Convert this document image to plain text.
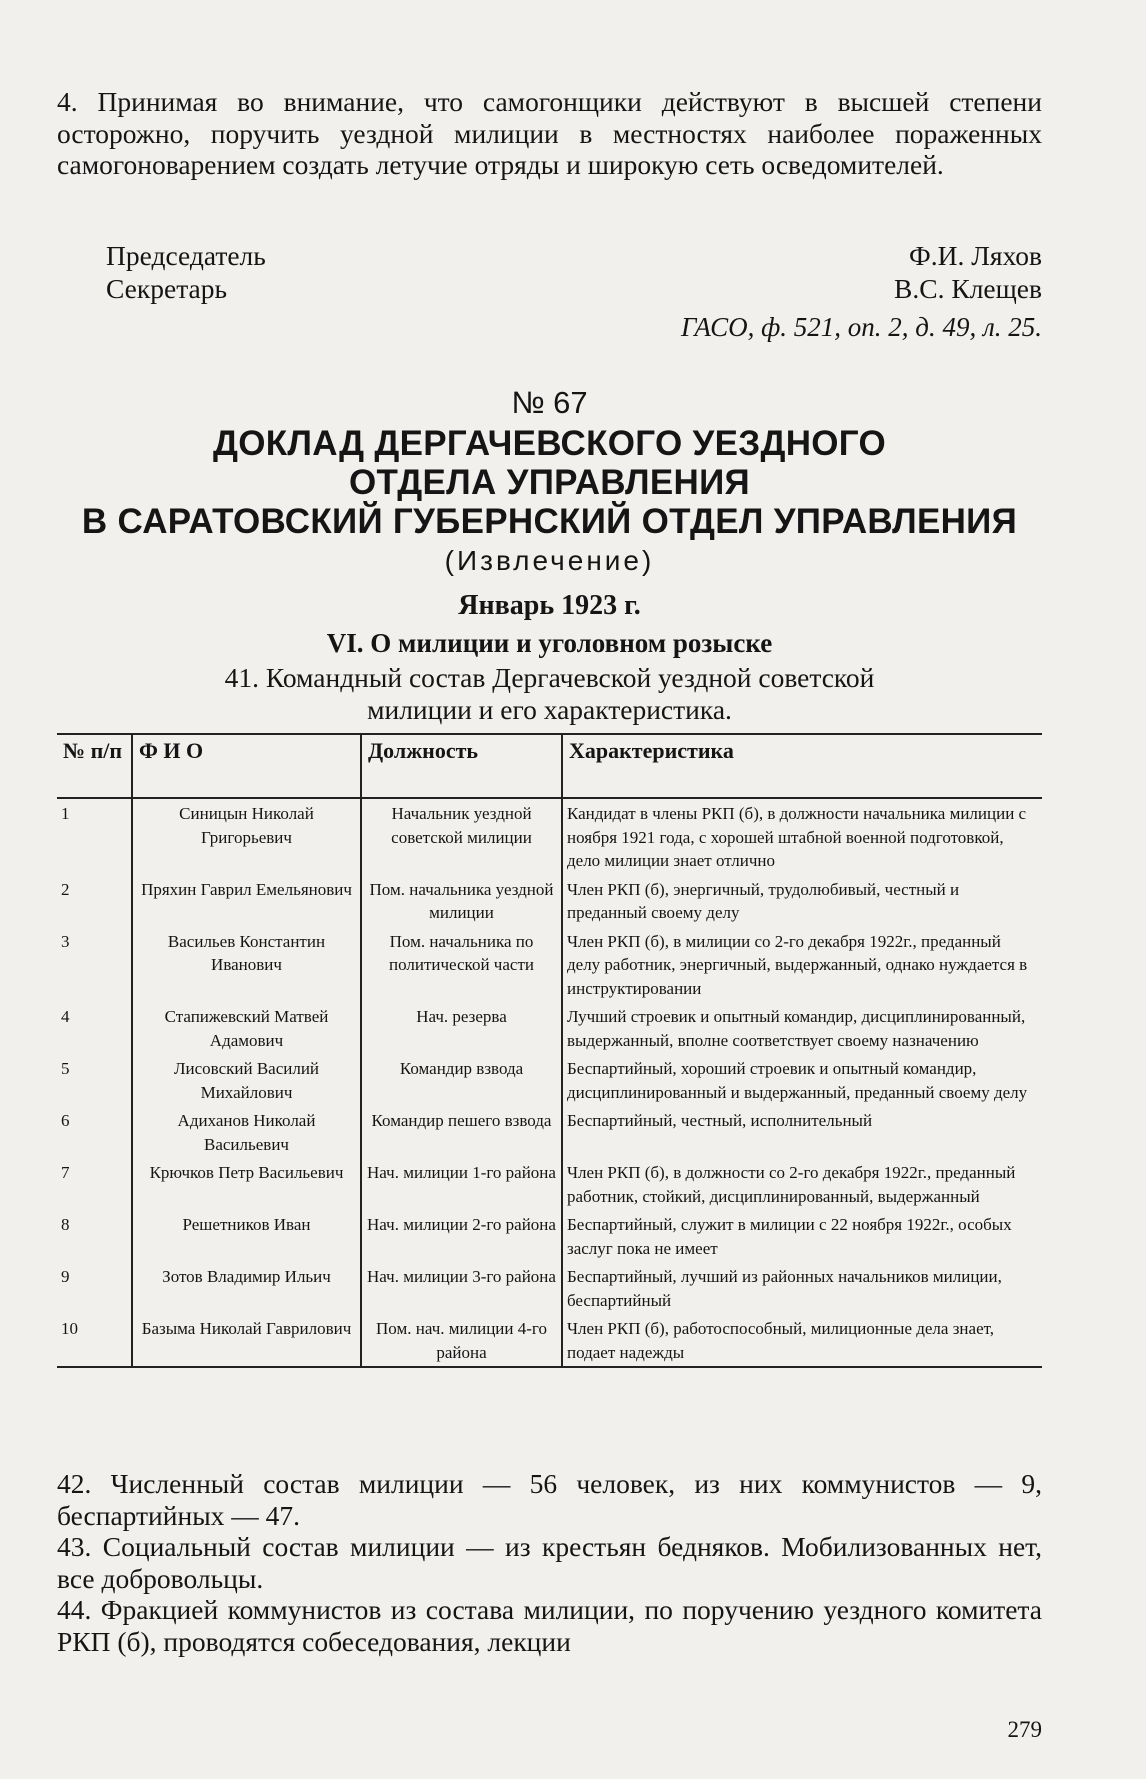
4. Принимая во внимание, что самогонщики действуют в высшей степени осторожно, поручить уездной милиции в местностях наиболее пораженных самогоноварением создать летучие отряды и широкую сеть осведомителей.

Председатель	Ф.И. Ляхов
Секретарь	В.С. Клещев
ГАСО, ф. 521, оп. 2, д. 49, л. 25.
№ 67
ДОКЛАД ДЕРГАЧЕВСКОГО УЕЗДНОГО
ОТДЕЛА УПРАВЛЕНИЯ
В САРАТОВСКИЙ ГУБЕРНСКИЙ ОТДЕЛ УПРАВЛЕНИЯ
(Извлечение)
Январь 1923 г.
VI. О милиции и уголовном розыске
41. Командный состав Дергачевской уездной советской
милиции и его характеристика.
№ п/п	Ф И О	Должность	Характеристика
1	Синицын Николай Григорьевич	Начальник уездной советской милиции	Кандидат в члены РКП (б), в должности начальника милиции с ноября 1921 года, с хорошей штабной военной подготовкой, дело милиции знает отлично
2	Пряхин Гаврил Емельянович	Пом. начальника уездной милиции	Член РКП (б), энергичный, трудолюбивый, честный и преданный своему делу
3	Васильев Константин Иванович	Пом. начальника по политической части	Член РКП (б), в милиции со 2-го декабря 1922г., преданный делу работник, энергичный, выдержанный, однако нуждается в инструктировании
4	Стапижевский Матвей Адамович	Нач. резерва	Лучший строевик и опытный командир, дисциплинированный, выдержанный, вполне соответствует своему назначению
5	Лисовский Василий Михайлович	Командир взвода	Беспартийный, хороший строевик и опытный командир, дисциплинированный и выдержанный, преданный своему делу
6	Адиханов Николай Васильевич	Командир пешего взвода	Беспартийный, честный, исполнительный
7	Крючков Петр Васильевич	Нач. милиции 1-го района	Член РКП (б), в должности со 2-го декабря 1922г., преданный работник, стойкий, дисциплинированный, выдержанный
8	Решетников Иван	Нач. милиции 2-го района	Беспартийный, служит в милиции с 22 ноября 1922г., особых заслуг пока не имеет
9	Зотов Владимир Ильич	Нач. милиции 3-го района	Беспартийный, лучший из районных начальников милиции, беспартийный
10	Базыма Николай Гаврилович	Пом. нач. милиции 4-го района	Член РКП (б), работоспособный, милиционные дела знает, подает надежды

42. Численный состав милиции — 56 человек, из них коммунистов — 9, беспартийных — 47.

43. Социальный состав милиции — из крестьян бедняков. Мобилизованных нет, все добровольцы.

44. Фракцией коммунистов из состава милиции, по поручению уездного комитета РКП (б), проводятся собеседования, лекции

279
